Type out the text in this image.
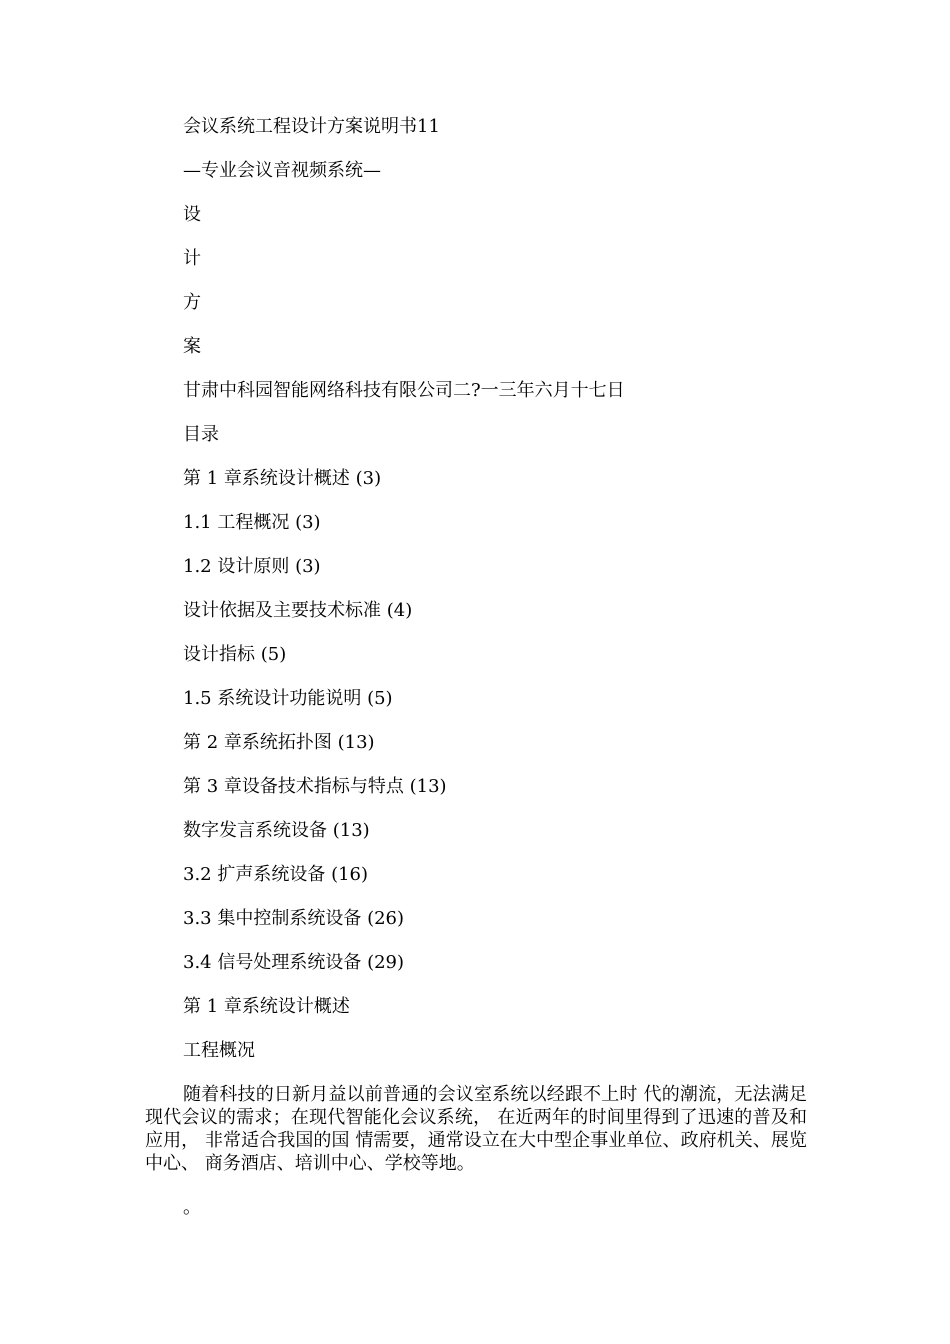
会议系统工程设计方案说明书11
—专业会议音视频系统—
设
计
方
案
甘肃中科园智能网络科技有限公司二?一三年六月十七日
目录
第 1 章系统设计概述 (3)
1.1 工程概况 (3)
1.2 设计原则 (3)
设计依据及主要技术标准 (4)
设计指标 (5)
1.5 系统设计功能说明 (5)
第 2 章系统拓扑图 (13)
第 3 章设备技术指标与特点 (13)
数字发言系统设备 (13)
3.2 扩声系统设备 (16)
3.3 集中控制系统设备 (26)
3.4 信号处理系统设备 (29)
第 1 章系统设计概述
工程概况

随着科技的日新月益以前普通的会议室系统以经跟不上时 代的潮流，无法满足现代会议的需求；在现代智能化会议系统， 在近两年的时间里得到了迅速的普及和应用， 非常适合我国的国 情需要，通常设立在大中型企事业单位、政府机关、展览中心、 商务酒店、培训中心、学校等地。

。
